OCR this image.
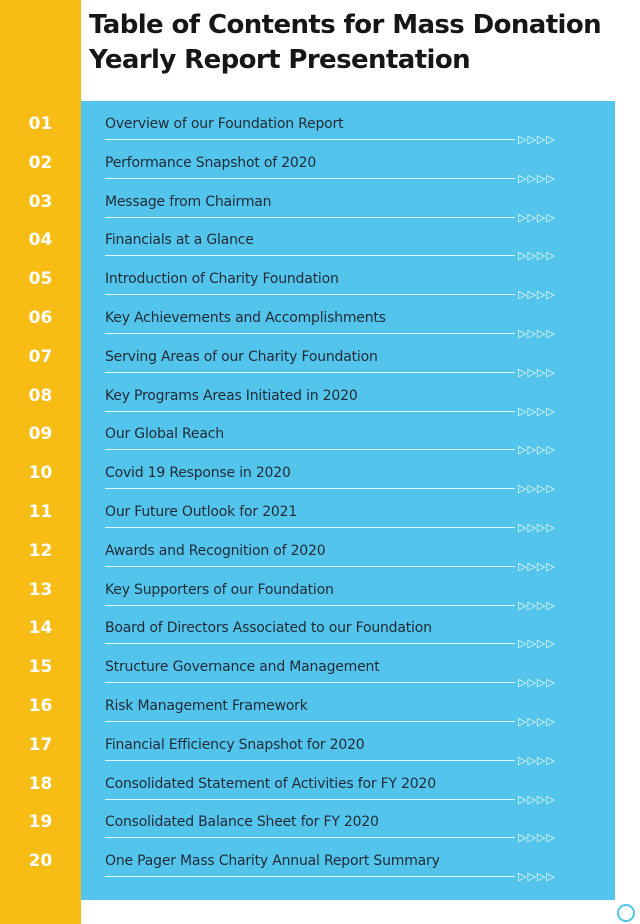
Table of Contents for Mass Donation Yearly Report Presentation
01	Overview of our Foundation Report
▷▷▷▷
02	Performance Snapshot of 2020
▷▷▷▷
03	Message from Chairman
▷▷▷▷
04	Financials at a Glance
▷▷▷▷
05	Introduction of Charity Foundation
▷▷▷▷
06	Key Achievements and Accomplishments
▷▷▷▷
07	Serving Areas of our Charity Foundation
▷▷▷▷
08	Key Programs Areas Initiated in 2020
▷▷▷▷
09	Our Global Reach
▷▷▷▷
10	Covid 19 Response in 2020
▷▷▷▷
11	Our Future Outlook for 2021
▷▷▷▷
12	Awards and Recognition of 2020
▷▷▷▷
13	Key Supporters of our Foundation
▷▷▷▷
14	Board of Directors Associated to our Foundation
▷▷▷▷
15	Structure Governance and Management
▷▷▷▷
16	Risk Management Framework
▷▷▷▷
17	Financial Efficiency Snapshot for 2020
▷▷▷▷
18	Consolidated Statement of Activities for FY 2020
▷▷▷▷
19	Consolidated Balance Sheet for FY 2020
▷▷▷▷
20	One Pager Mass Charity Annual Report Summary
▷▷▷▷
